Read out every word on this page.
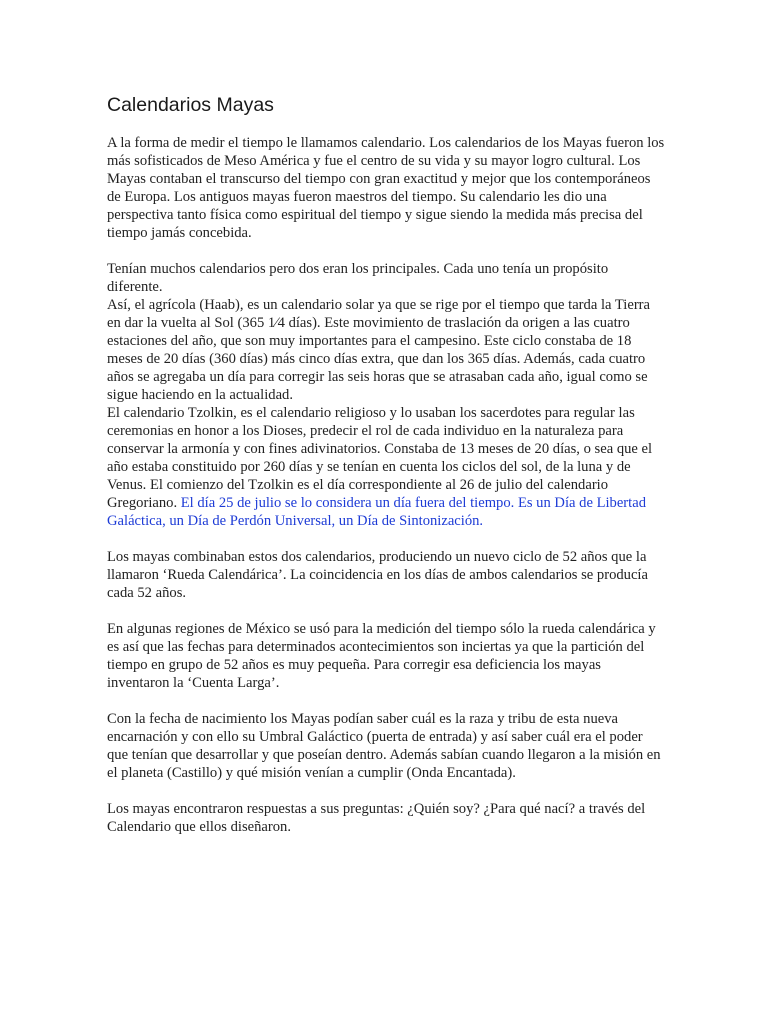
Calendarios Mayas

A la forma de medir el tiempo le llamamos calendario. Los calendarios de los Mayas fueron los más sofisticados de Meso América y fue el centro de su vida y su mayor logro cultural. Los Mayas contaban el transcurso del tiempo con gran exactitud y mejor que los contemporáneos de Europa. Los antiguos mayas fueron maestros del tiempo. Su calendario les dio una perspectiva tanto física como espiritual del tiempo y sigue siendo la medida más precisa del tiempo jamás concebida.

Tenían muchos calendarios pero dos eran los principales. Cada uno tenía un propósito diferente.

Así, el agrícola (Haab), es un calendario solar ya que se rige por el tiempo que tarda la Tierra en dar la vuelta al Sol (365 1⁄4 días). Este movimiento de traslación da origen a las cuatro estaciones del año, que son muy importantes para el campesino. Este ciclo constaba de 18 meses de 20 días (360 días) más cinco días extra, que dan los 365 días. Además, cada cuatro años se agregaba un día para corregir las seis horas que se atrasaban cada año, igual como se sigue haciendo en la actualidad.

El calendario Tzolkin, es el calendario religioso y lo usaban los sacerdotes para regular las ceremonias en honor a los Dioses, predecir el rol de cada individuo en la naturaleza para conservar la armonía y con fines adivinatorios. Constaba de 13 meses de 20 días, o sea que el año estaba constituido por 260 días y se tenían en cuenta los ciclos del sol, de la luna y de Venus. El comienzo del Tzolkin es el día correspondiente al 26 de julio del calendario Gregoriano. El día 25 de julio se lo considera un día fuera del tiempo. Es un Día de Libertad Galáctica, un Día de Perdón Universal, un Día de Sintonización.

Los mayas combinaban estos dos calendarios, produciendo un nuevo ciclo de 52 años que la llamaron ‘Rueda Calendárica’. La coincidencia en los días de ambos calendarios se producía cada 52 años.

En algunas regiones de México se usó para la medición del tiempo sólo la rueda calendárica y es así que las fechas para determinados acontecimientos son inciertas ya que la partición del tiempo en grupo de 52 años es muy pequeña. Para corregir esa deficiencia los mayas inventaron la ‘Cuenta Larga’.

Con la fecha de nacimiento los Mayas podían saber cuál es la raza y tribu de esta nueva encarnación y con ello su Umbral Galáctico (puerta de entrada) y así saber cuál era el poder que tenían que desarrollar y que poseían dentro. Además sabían cuando llegaron a la misión en el planeta (Castillo) y qué misión venían a cumplir (Onda Encantada).

Los mayas encontraron respuestas a sus preguntas: ¿Quién soy? ¿Para qué nací? a través del Calendario que ellos diseñaron.
